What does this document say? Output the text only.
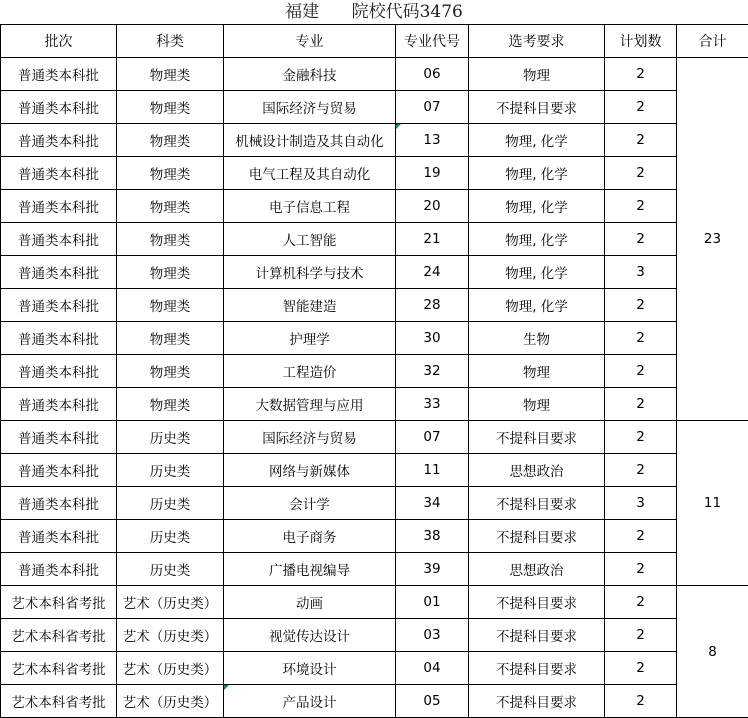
福建      院校代码3476
批次	科类	专业	专业代号	选考要求	计划数	合计
普通类本科批	物理类	金融科技	06	物理	2	23
普通类本科批	物理类	国际经济与贸易	07	不提科目要求	2	
普通类本科批	物理类	机械设计制造及其自动化	13	物理, 化学	2	
普通类本科批	物理类	电气工程及其自动化	19	物理, 化学	2	
普通类本科批	物理类	电子信息工程	20	物理, 化学	2	
普通类本科批	物理类	人工智能	21	物理, 化学	2	
普通类本科批	物理类	计算机科学与技术	24	物理, 化学	3	
普通类本科批	物理类	智能建造	28	物理, 化学	2	
普通类本科批	物理类	护理学	30	生物	2	
普通类本科批	物理类	工程造价	32	物理	2	
普通类本科批	物理类	大数据管理与应用	33	物理	2	
普通类本科批	历史类	国际经济与贸易	07	不提科目要求	2	11
普通类本科批	历史类	网络与新媒体	11	思想政治	2	
普通类本科批	历史类	会计学	34	不提科目要求	3	
普通类本科批	历史类	电子商务	38	不提科目要求	2	
普通类本科批	历史类	广播电视编导	39	思想政治	2	
艺术本科省考批	艺术（历史类）	动画	01	不提科目要求	2	8
艺术本科省考批	艺术（历史类）	视觉传达设计	03	不提科目要求	2	
艺术本科省考批	艺术（历史类）	环境设计	04	不提科目要求	2	
艺术本科省考批	艺术（历史类）	产品设计	05	不提科目要求	2	
